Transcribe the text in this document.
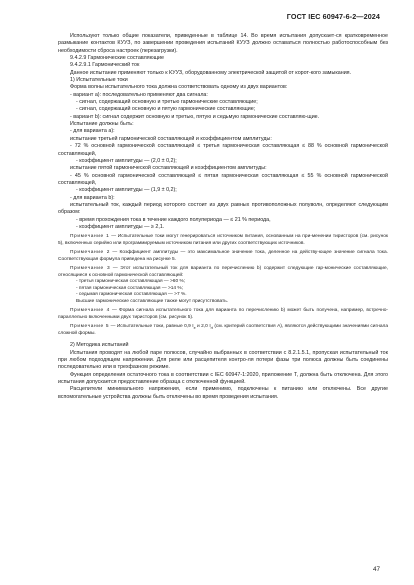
ГОСТ IEC 60947-6-2—2024

Используют только общие показатели, приведенные в таблице 14. Во время испытания допускает-ся кратковременное размыкание контактов КУУЗ, по завершении проведения испытаний КУУЗ должно оставаться полностью работоспособным без необходимости сброса настроек (перезагрузки).

9.4.2.9 Гармонические составляющие

9.4.2.9.1 Гармонический ток

Данное испытание применяют только к КУУЗ, оборудованному электрической защитой от корот-кого замыкания.

1) Испытательные токи

Форма волны испытательного тока должна соответствовать одному из двух вариантов:

- вариант а): последовательно применяют два сигнала:

- сигнал, содержащий основную и третью гармонические составляющие;

- сигнал, содержащий основную и пятую гармонические составляющие;

- вариант b): сигнал содержит основную и третью, пятую и седьмую гармонические составляю-щие.

Испытание должны быть:

- для варианта а):

испытание третьей гармонической составляющей и коэффициентом амплитуды:

- 72 % основной гармонической составляющей ≤ третья гармоническая составляющая ≤ 88 % основной гармонической составляющей,

- коэффициент амплитуды — (2,0 ± 0,2);

испытание пятой гармонической составляющей и коэффициентом амплитуды:

- 45 % основной гармонической составляющей ≤ пятая гармоническая составляющая ≤ 55 % основной гармонической составляющей,

- коэффициент амплитуды — (1,9 ± 0,2);

- для варианта b):

испытательный ток, каждый период которого состоит из двух равных противоположных полуволн, определяют следующим образом:

- время прохождения тока в течение каждого полупериода — ≤ 21 % периода,

- коэффициент амплитуды — ≥ 2,1.

Примечание 1 — Испытательные токи могут генерироваться источником питания, основанным на при-менении тиристоров (см. рисунок 5), включенных серийно или программируемым источником питания или других соответствующих источников.

Примечание 2 — Коэффициент амплитуды — это максимальное значение тока, деленное на действу-ющее значение сигнала тока. Соответствующая формула приведена на рисунке 5.

Примечание 3 — Этот испытательный ток для варианта по перечислению b) содержит следующие гар-монические составляющие, относящиеся к основной гармонической составляющей:

- третья гармоническая составляющая — >60 %;

- пятая гармоническая составляющая — >14 %;

- седьмая гармоническая составляющая — >7 %.

Высшие гармонические составляющие также могут присутствовать.

Примечание 4 — Форма сигнала испытательного тока для варианта по перечислению b) может быть получена, например, встречно-параллельно включенными двух тиристоров (см. рисунок 5).

Примечание 5 — Испытательные токи, равные 0,9 $I_e$ и 2,0 $I_{rt}$ (см. критерий соответствия A), являются действующими значениями сигнала сложной формы.

2) Методика испытаний

Испытания проводят на любой паре полюсов, случайно выбранных в соответствии с 8.2.1.5.1, пропуская испытательный ток при любом подходящем напряжении. Для реле или расцепителя контро-ля потери фазы три полюса должны быть соединены последовательно или в трехфазном режиме.

Функция определения остаточного тока в соответствии с IEC 60947-1:2020, приложение T, должна быть отключена. Для этого испытания допускается предоставление образца с отключенной функцией.

Расцепители минимального напряжения, если применимо, подключены к питанию или отключены. Все другие вспомогательные устройства должны быть отключены во время проведения испытания.

47
